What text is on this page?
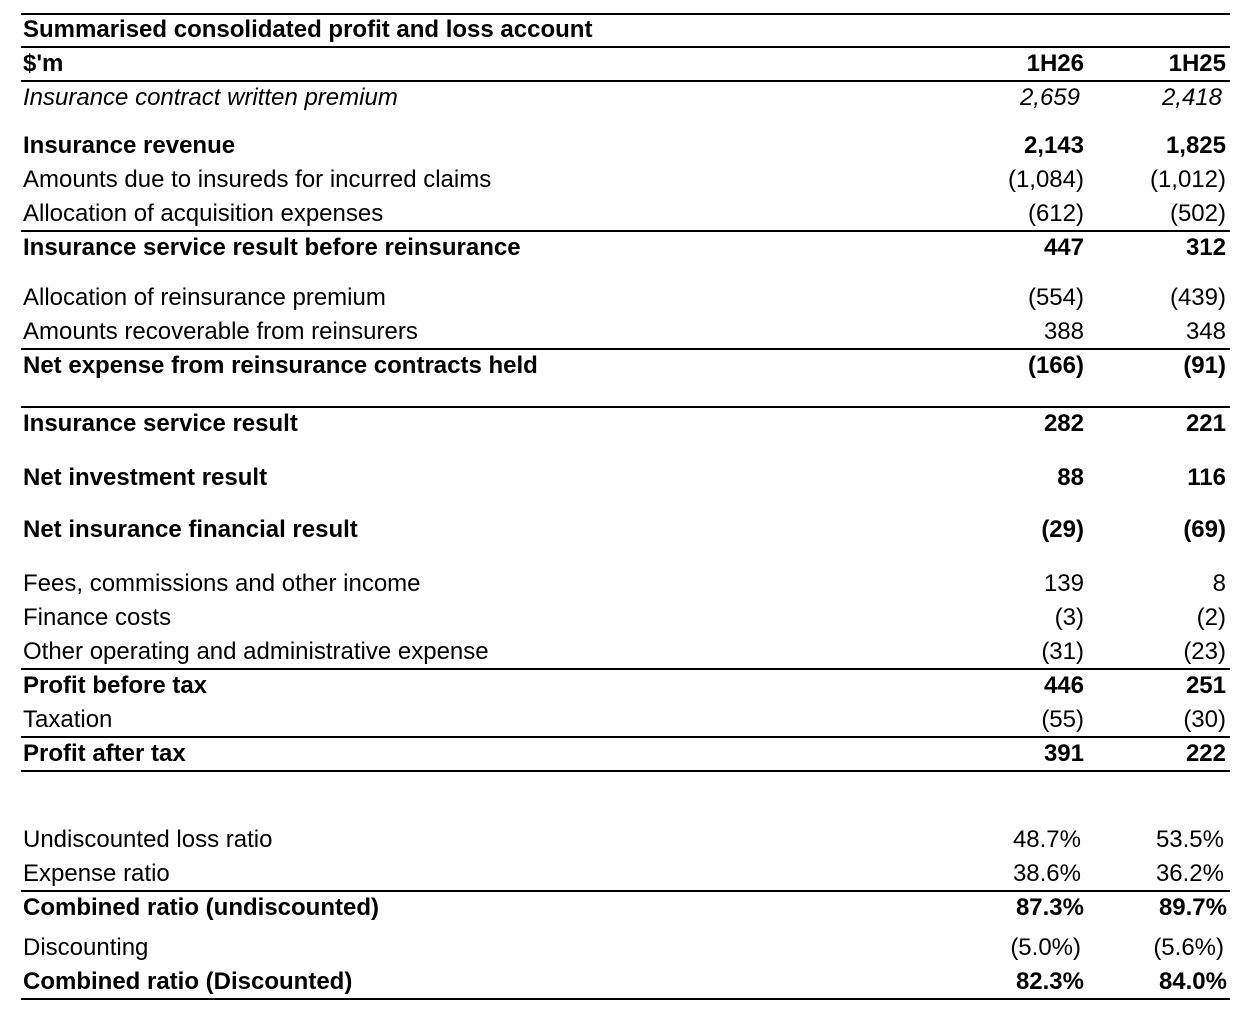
Summarised consolidated profit and loss account
$'m	1H26	1H25
Insurance contract written premium	2,659	2,418
Insurance revenue	2,143	1,825
Amounts due to insureds for incurred claims	(1,084)	(1,012)
Allocation of acquisition expenses	(612)	(502)
Insurance service result before reinsurance	447	312
Allocation of reinsurance premium	(554)	(439)
Amounts recoverable from reinsurers	388	348
Net expense from reinsurance contracts held	(166)	(91)
Insurance service result	282	221
Net investment result	88	116
Net insurance financial result	(29)	(69)
Fees, commissions and other income	139	8
Finance costs	(3)	(2)
Other operating and administrative expense	(31)	(23)
Profit before tax	446	251
Taxation	(55)	(30)
Profit after tax	391	222
Undiscounted loss ratio	48.7%	53.5%
Expense ratio	38.6%	36.2%
Combined ratio (undiscounted)	87.3%	89.7%
Discounting	(5.0%)	(5.6%)
Combined ratio (Discounted)	82.3%	84.0%
